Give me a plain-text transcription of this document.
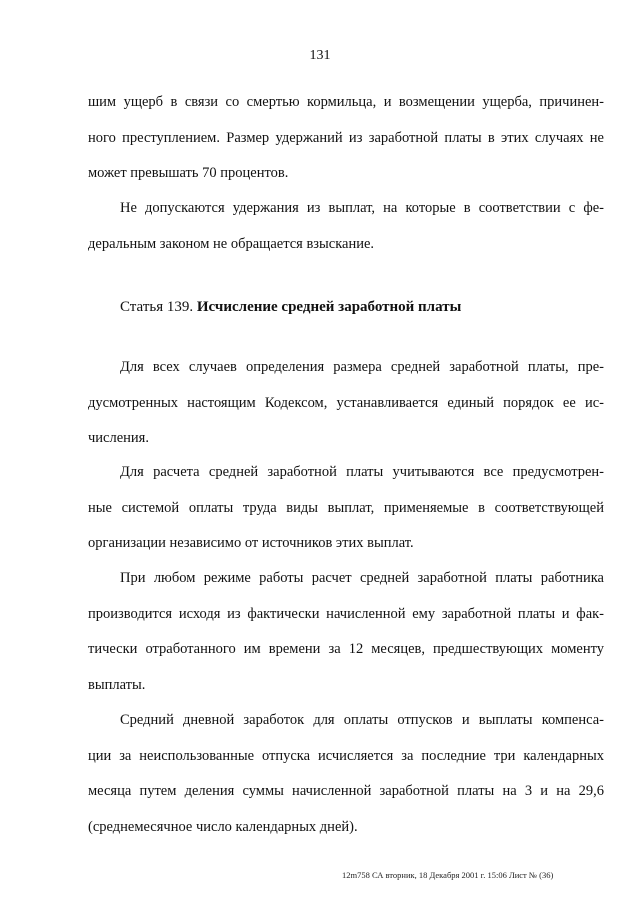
131
шим ущерб в связи со смертью кормильца, и возмещении ущерба, причинен-
ного преступлением. Размер удержаний из заработной платы в этих случаях не
может превышать 70 процентов.
Не допускаются удержания из выплат, на которые в соответствии с фе-
деральным законом не обращается взыскание.
Статья 139. Исчисление средней заработной платы
Для всех случаев определения размера средней заработной платы, пре-
дусмотренных настоящим Кодексом, устанавливается единый порядок ее ис-
числения.
Для расчета средней заработной платы учитываются все предусмотрен-
ные системой оплаты труда виды выплат, применяемые в соответствующей
организации независимо от источников этих выплат.
При любом режиме работы расчет средней заработной платы работника
производится исходя из фактически начисленной ему заработной платы и фак-
тически отработанного им времени за 12 месяцев, предшествующих моменту
выплаты.
Средний дневной заработок для оплаты отпусков и выплаты компенса-
ции за неиспользованные отпуска исчисляется за последние три календарных
месяца путем деления суммы начисленной заработной платы на 3 и на 29,6
(среднемесячное число календарных дней).
12m758 СА вторник, 18 Декабря 2001 г. 15:06 Лист № (36)
